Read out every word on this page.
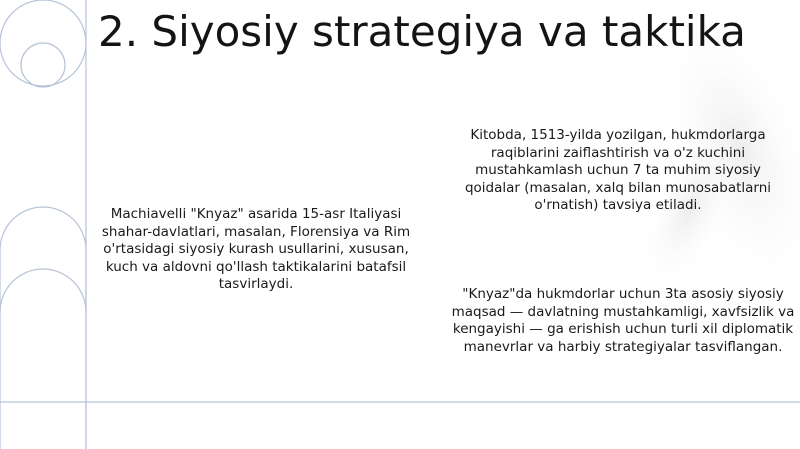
2. Siyosiy strategiya va taktika
Machiavelli "Knyaz" asarida 15-asr Italiyasi shahar-davlatlari, masalan, Florensiya va Rim o'rtasidagi siyosiy kurash usullarini, xususan, kuch va aldovni qo'llash taktikalarini batafsil tasvirlaydi.
Kitobda, 1513-yilda yozilgan, hukmdorlarga raqiblarini zaiflashtirish va o'z kuchini mustahkamlash uchun 7 ta muhim siyosiy qoidalar (masalan, xalq bilan munosabatlarni o'rnatish) tavsiya etiladi.
"Knyaz"da hukmdorlar uchun 3ta asosiy siyosiy maqsad — davlatning mustahkamligi, xavfsizlik va kengayishi — ga erishish uchun turli xil diplomatik manevrlar va harbiy strategiyalar tasviflangan.
